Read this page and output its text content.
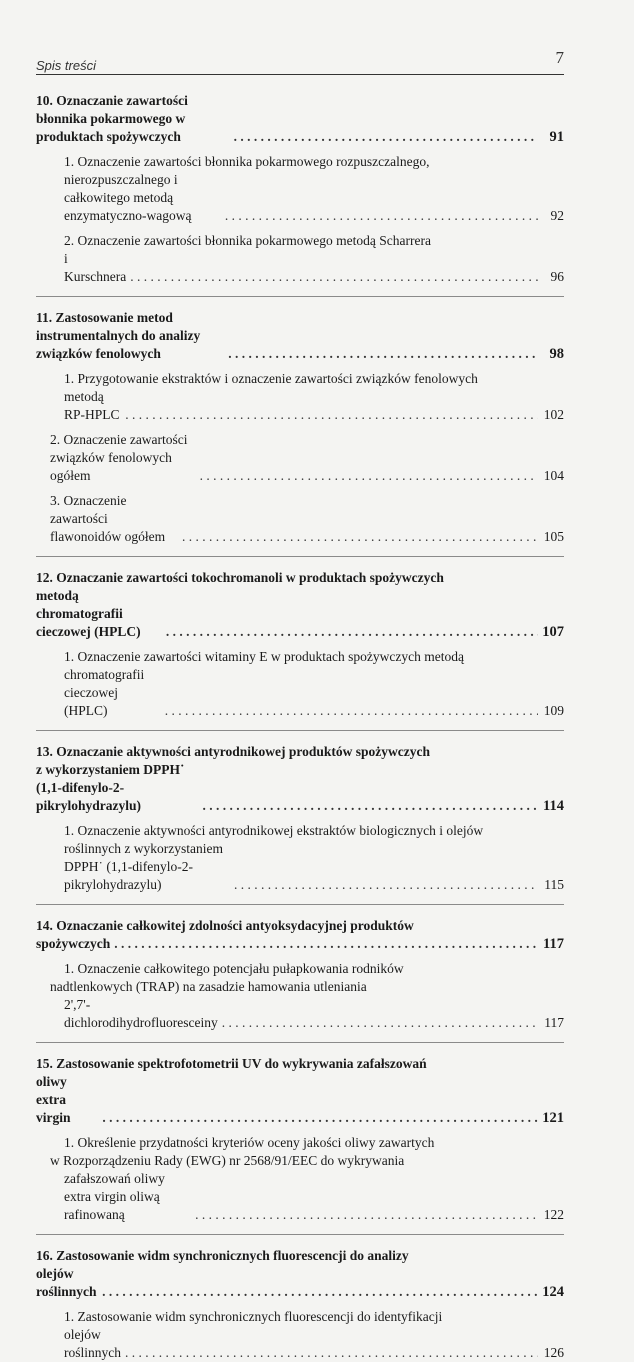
Spis treści	7
10. Oznaczanie zawartości błonnika pokarmowego w produktach spożywczych . . .	91
1. Oznaczenie zawartości błonnika pokarmowego rozpuszczalnego,
nierozpuszczalnego i całkowitego metodą enzymatyczno-wagową . . .	92
2. Oznaczenie zawartości błonnika pokarmowego metodą Scharrera
i Kurschnera . . .	96
11. Zastosowanie metod instrumentalnych do analizy związków fenolowych . . .	98
1. Przygotowanie ekstraktów i oznaczenie zawartości związków fenolowych
metodą RP-HPLC . . .	102
2. Oznaczenie zawartości związków fenolowych ogółem . . .	104
3. Oznaczenie zawartości flawonoidów ogółem . . .	105
12. Oznaczanie zawartości tokochromanoli w produktach spożywczych
metodą chromatografii cieczowej (HPLC) . . .	107
1. Oznaczenie zawartości witaminy E w produktach spożywczych metodą
chromatografii cieczowej (HPLC) . . .	109
13. Oznaczanie aktywności antyrodnikowej produktów spożywczych
z wykorzystaniem DPPH˙ (1,1-difenylo-2-pikrylohydrazylu) . . .	114
1. Oznaczenie aktywności antyrodnikowej ekstraktów biologicznych i olejów
roślinnych z wykorzystaniem DPPH˙ (1,1-difenylo-2-pikrylohydrazylu) . . .	115
14. Oznaczanie całkowitej zdolności antyoksydacyjnej produktów
spożywczych . . .	117
1. Oznaczenie całkowitego potencjału pułapkowania rodników
nadtlenkowych (TRAP) na zasadzie hamowania utleniania
2',7'-dichlorodihydrofluoresceiny . . .	117
15. Zastosowanie spektrofotometrii UV do wykrywania zafałszowań
oliwy extra virgin . . .	121
1. Określenie przydatności kryteriów oceny jakości oliwy zawartych
w Rozporządzeniu Rady (EWG) nr 2568/91/EEC do wykrywania
zafałszowań oliwy extra virgin oliwą rafinowaną . . .	122
16. Zastosowanie widm synchronicznych fluorescencji do analizy
olejów roślinnych . . .	124
1. Zastosowanie widm synchronicznych fluorescencji do identyfikacji
olejów roślinnych . . .	126
